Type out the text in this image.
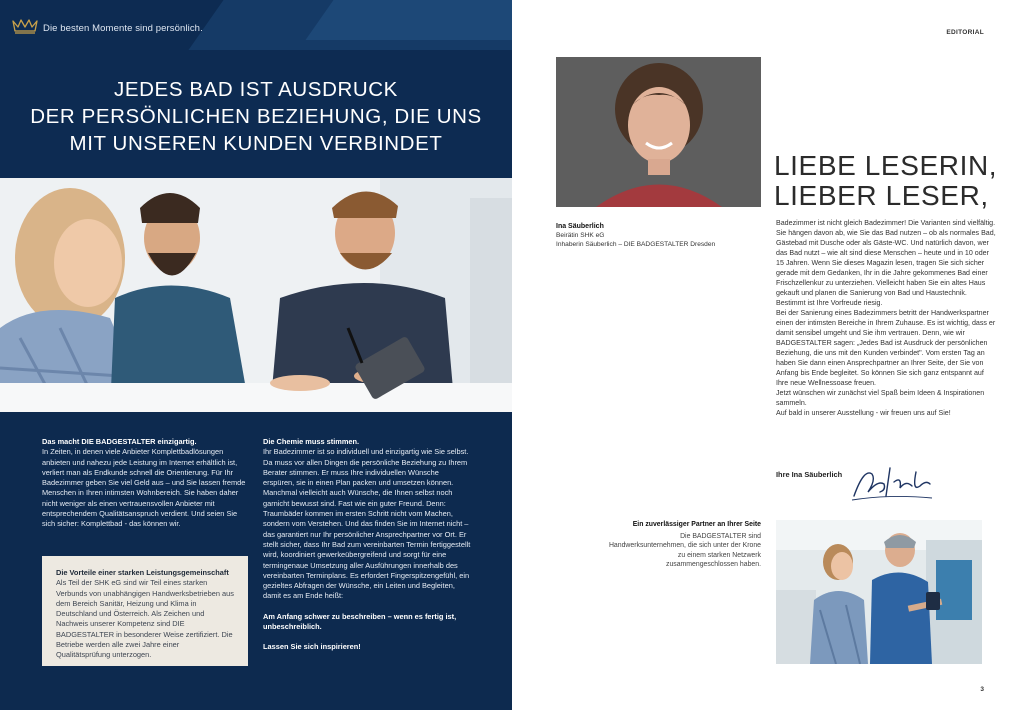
Die besten Momente sind persönlich.
JEDES BAD IST AUSDRUCK
DER PERSÖNLICHEN BEZIEHUNG, DIE UNS
MIT UNSEREN KUNDEN VERBINDET
Das macht DIE BADGESTALTER einzigartig.

In Zeiten, in denen viele Anbieter Komplettbadlösungen anbieten und nahezu jede Leistung im Internet erhältlich ist, verliert man als Endkunde schnell die Orientierung. Für Ihr Badezimmer geben Sie viel Geld aus – und Sie lassen fremde Menschen in Ihren intimsten Wohnbereich. Sie haben daher nicht weniger als einen vertrauensvollen Anbieter mit entsprechendem Qualitätsanspruch verdient. Und seien Sie sich sicher: Komplettbad - das können wir.

Die Vorteile einer starken Leistungsgemeinschaft

Als Teil der SHK eG sind wir Teil eines starken Verbunds von unabhängigen Handwerksbetrieben aus dem Bereich Sanitär, Heizung und Klima in Deutschland und Österreich. Als Zeichen und Nachweis unserer Kompetenz sind DIE BADGESTALTER in besonderer Weise zertifiziert. Die Betriebe werden alle zwei Jahre einer Qualitätsprüfung unterzogen.

Die Chemie muss stimmen.

Ihr Badezimmer ist so individuell und einzigartig wie Sie selbst. Da muss vor allen Dingen die persönliche Beziehung zu Ihrem Berater stimmen. Er muss Ihre individuellen Wünsche erspüren, sie in einen Plan packen und umsetzen können. Manchmal vielleicht auch Wünsche, die Ihnen selbst noch garnicht bewusst sind. Fast wie ein guter Freund. Denn: Traumbäder kommen im ersten Schritt nicht vom Machen, sondern vom Verstehen. Und das finden Sie im Internet nicht – das garantiert nur Ihr persönlicher Ansprechpartner vor Ort. Er stellt sicher, dass Ihr Bad zum vereinbarten Termin fertiggestellt wird, koordiniert gewerkeübergreifend und sorgt für eine termingenaue Umsetzung aller Ausführungen innerhalb des vereinbarten Terminplans. Es erfordert Fingerspitzengefühl, ein gezieltes Abfragen der Wünsche, ein Leiten und Begleiten, damit es am Ende heißt:

Am Anfang schwer zu beschreiben – wenn es fertig ist, unbeschreiblich.
Lassen Sie sich inspirieren!
EDITORIAL
Ina Säuberlich
Beirätin SHK eG
Inhaberin Säuberlich – DIE BADGESTALTER Dresden
LIEBE LESERIN,
LIEBER LESER,

Badezimmer ist nicht gleich Badezimmer! Die Varianten sind vielfältig. Sie hängen davon ab, wie Sie das Bad nutzen – ob als normales Bad, Gästebad mit Dusche oder als Gäste-WC. Und natürlich davon, wer das Bad nutzt – wie alt sind diese Menschen – heute und in 10 oder 15 Jahren. Wenn Sie dieses Magazin lesen, tragen Sie sich sicher gerade mit dem Gedanken, Ihr in die Jahre gekommenes Bad einer Frischzellenkur zu unterziehen. Vielleicht haben Sie ein altes Haus gekauft und planen die Sanierung von Bad und Haustechnik. Bestimmt ist Ihre Vorfreude riesig.

Bei der Sanierung eines Badezimmers betritt der Handwerkspartner einen der intimsten Bereiche in Ihrem Zuhause. Es ist wichtig, dass er damit sensibel umgeht und Sie ihm vertrauen. Denn, wie wir BADGESTALTER sagen: „Jedes Bad ist Ausdruck der persönlichen Beziehung, die uns mit den Kunden verbindet". Vom ersten Tag an haben Sie dann einen Ansprechpartner an Ihrer Seite, der Sie von Anfang bis Ende begleitet. So können Sie sich ganz entspannt auf Ihre neue Wellnessoase freuen.

Jetzt wünschen wir zunächst viel Spaß beim Ideen & Inspirationen sammeln.

Auf bald in unserer Ausstellung - wir freuen uns auf Sie!

Ihre Ina Säuberlich
Ein zuverlässiger Partner an Ihrer Seite
Die BADGESTALTER sind Handwerksunternehmen, die sich unter der Krone zu einem starken Netzwerk zusammengeschlossen haben.
3
